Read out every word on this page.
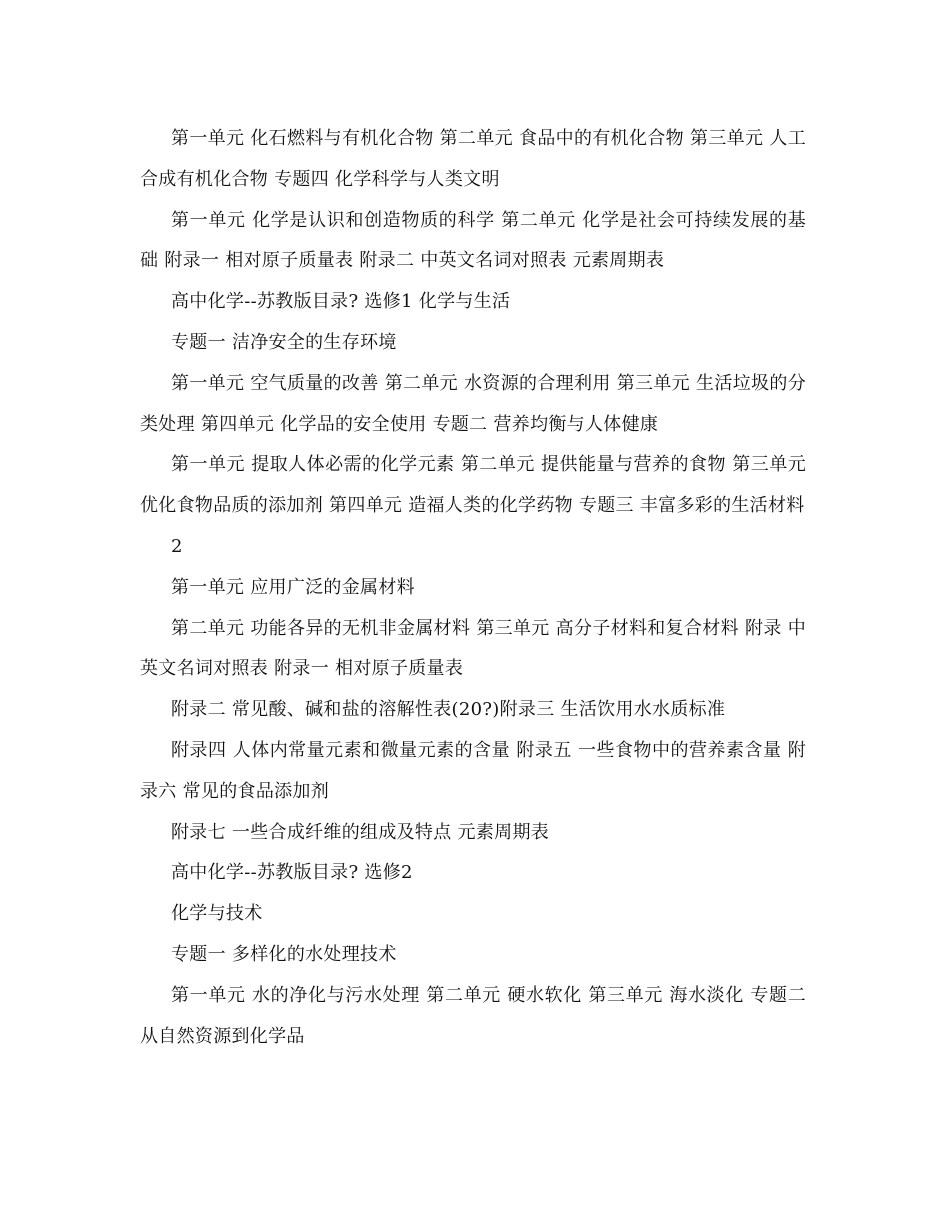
第一单元 化石燃料与有机化合物 第二单元 食品中的有机化合物 第三单元 人工合成有机化合物 专题四 化学科学与人类文明

第一单元 化学是认识和创造物质的科学 第二单元 化学是社会可持续发展的基础 附录一 相对原子质量表 附录二 中英文名词对照表 元素周期表

高中化学--苏教版目录? 选修1 化学与生活

专题一 洁净安全的生存环境

第一单元 空气质量的改善 第二单元 水资源的合理利用 第三单元 生活垃圾的分类处理 第四单元 化学品的安全使用 专题二 营养均衡与人体健康

第一单元 提取人体必需的化学元素 第二单元 提供能量与营养的食物 第三单元 优化食物品质的添加剂 第四单元 造福人类的化学药物 专题三 丰富多彩的生活材料

2

第一单元 应用广泛的金属材料

第二单元 功能各异的无机非金属材料 第三单元 高分子材料和复合材料 附录 中英文名词对照表 附录一 相对原子质量表

附录二 常见酸、碱和盐的溶解性表(20?)附录三 生活饮用水水质标准

附录四 人体内常量元素和微量元素的含量 附录五 一些食物中的营养素含量 附录六 常见的食品添加剂

附录七 一些合成纤维的组成及特点 元素周期表

高中化学--苏教版目录? 选修2

化学与技术

专题一 多样化的水处理技术

第一单元 水的净化与污水处理 第二单元 硬水软化 第三单元 海水淡化 专题二 从自然资源到化学品
